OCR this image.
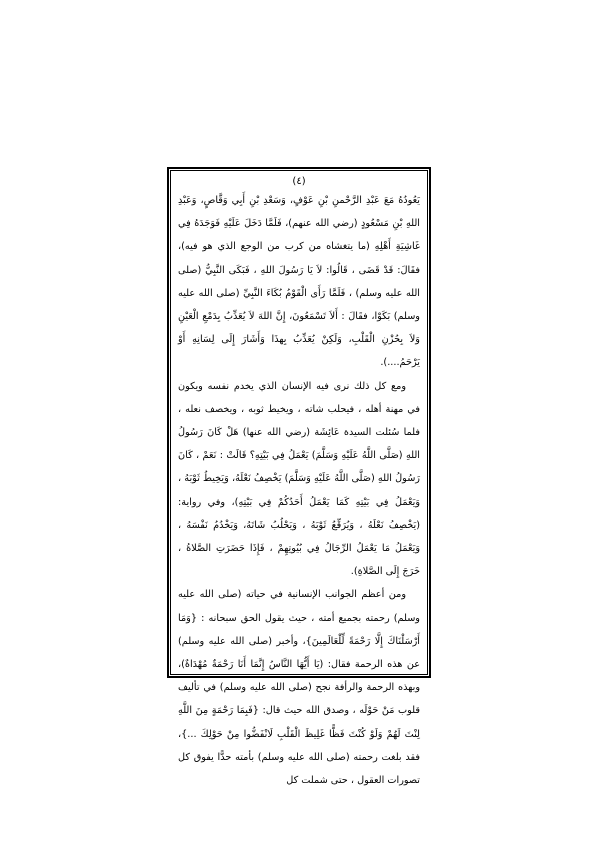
(٤)

يَعُودُهُ مَعَ عَبْدِ الرَّحْمنِ بْنِ عَوْفٍ، وَسَعْدِ بْنِ أَبِي وَقَّاصٍ، وَعَبْدِ اللهِ بْنِ مَسْعُودٍ (رضي الله عنهم)، فَلَمَّا دَخَلَ عَلَيْهِ فَوَجَدَهُ فِي غَاشِيَةِ أَهْلِهِ (ما يتغشاه من كرب من الوجع الذي هو فيه)، فقَالَ: قَدْ قَضَى ، قَالُوا: لاَ يَا رَسُولَ اللهِ ، فَبَكَى النَّبِيُّ (صلى الله عليه وسلم) ، فَلَمَّا رَأَى الْقَوْمُ بُكَاءَ النَّبِيِّ (صلى الله عليه وسلم) بَكَوْا، فقَالَ : أَلاَ تَسْمَعُونَ، إِنَّ اللهَ لاَ يُعَذِّبُ بِدَمْعِ الْعَيْنِ وَلاَ بِحُزْنِ الْقَلْبِ، وَلَكِنْ يُعَذِّبُ بِهذَا وَأَشَارَ إِلَى لِسَانِهِ أَوْ يَرْحَمُ....).

ومع كل ذلك نرى فيه الإنسان الذي يخدم نفسه ويكون في مهنة أهله ، فيحلب شاته ، ويخيط ثوبه ، ويخصف نعله ، فلما سُئلت السيدة عَائِشَة (رضي الله عنها) هَلْ كَانَ رَسُولُ اللهِ (صَلَّى اللَّهُ عَلَيْهِ وَسَلَّمَ) يَعْمَلُ فِي بَيْتِهِ؟ قَالَتْ : نَعَمْ ، كَانَ رَسُولُ اللهِ (صَلَّى اللَّهُ عَلَيْهِ وَسَلَّمَ) يَخْصِفُ نَعْلَهُ، وَيَخِيطُ ثَوْبَهُ ، وَيَعْمَلُ فِي بَيْتِهِ كَمَا يَعْمَلُ أَحَدُكُمْ فِي بَيْتِهِ)، وفي رواية: (يَخْصِفُ نَعْلَهُ ، وَيُرَقِّعُ ثَوْبَهُ ، وَيَحْلُبُ شَاتَهُ، وَيَخْدُمُ نَفْسَهُ ، وَيَعْمَلُ مَا يَعْمَلُ الرِّجَالُ فِي بُيُوتِهِمْ ، فَإِذَا حَضَرَتِ الصَّلاةُ ، خَرَجَ إِلَى الصَّلاةِ).

ومن أعظم الجوانب الإنسانية في حياته (صلى الله عليه وسلم) رحمته بجميع أمته ، حيث يقول الحق سبحانه : {وَمَا أَرْسَلْنَاكَ إِلَّا رَحْمَةً لِّلْعَالَمِينَ}، وأخبر (صلى الله عليه وسلم) عن هذه الرحمة فقال: (يَا أَيُّهَا النَّاسُ إِنَّمَا أَنَا رَحْمَةٌ مُهْدَاةٌ)، وبهذه الرحمة والرأفة نجح (صلى الله عليه وسلم) في تأليف قلوب مَنْ حَوْلَه ، وصدق الله حيث قال: {فَبِمَا رَحْمَةٍ مِنَ اللَّهِ لِنْتَ لَهُمْ وَلَوْ كُنْتَ فَظًّا غَلِيظَ الْقَلْبِ لَانْفَضُّوا مِنْ حَوْلِكَ ...}، فقد بلغت رحمته (صلى الله عليه وسلم) بأمته حدًّا يفوق كل تصورات العقول ، حتى شملت كل
